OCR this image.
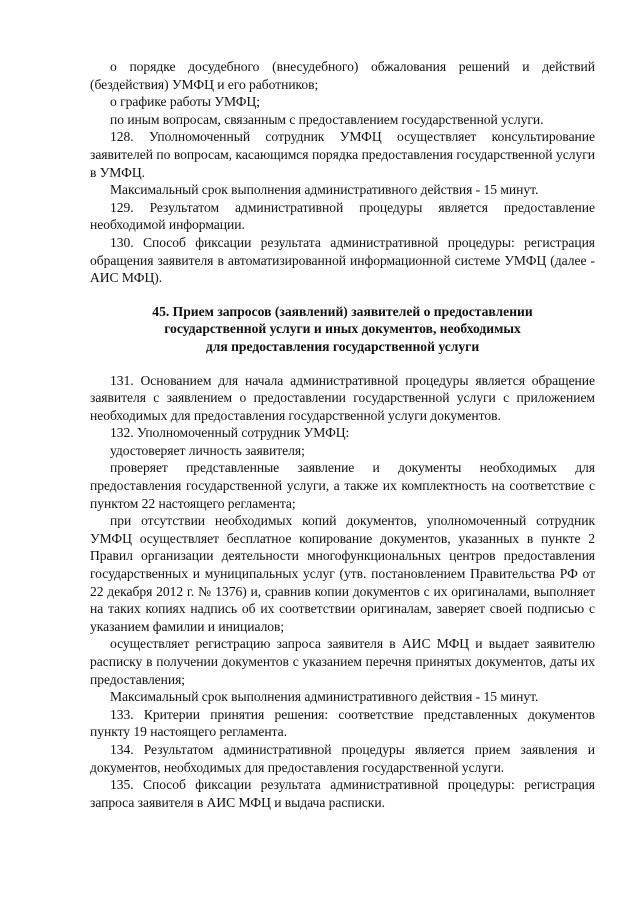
о порядке досудебного (внесудебного) обжалования решений и действий (бездействия) УМФЦ и его работников;

о графике работы УМФЦ;

по иным вопросам, связанным с предоставлением государственной услуги.

128. Уполномоченный сотрудник УМФЦ осуществляет консультирование заявителей по вопросам, касающимся порядка предоставления государственной услуги в УМФЦ.

Максимальный срок выполнения административного действия - 15 минут.

129. Результатом административной процедуры является предоставление необходимой информации.

130. Способ фиксации результата административной процедуры: регистрация обращения заявителя в автоматизированной информационной системе УМФЦ (далее - АИС МФЦ).

45. Прием запросов (заявлений) заявителей о предоставлении
государственной услуги и иных документов, необходимых
для предоставления государственной услуги

131. Основанием для начала административной процедуры является обращение заявителя с заявлением о предоставлении государственной услуги с приложением необходимых для предоставления государственной услуги документов.

132. Уполномоченный сотрудник УМФЦ:

удостоверяет личность заявителя;

проверяет представленные заявление и документы необходимых для предоставления государственной услуги, а также их комплектность на соответствие с пунктом 22 настоящего регламента;

при отсутствии необходимых копий документов, уполномоченный сотрудник УМФЦ осуществляет бесплатное копирование документов, указанных в пункте 2 Правил организации деятельности многофункциональных центров предоставления государственных и муниципальных услуг (утв. постановлением Правительства РФ от 22 декабря 2012 г. № 1376) и, сравнив копии документов с их оригиналами, выполняет на таких копиях надпись об их соответствии оригиналам, заверяет своей подписью с указанием фамилии и инициалов;

осуществляет регистрацию запроса заявителя в АИС МФЦ и выдает заявителю расписку в получении документов с указанием перечня принятых документов, даты их предоставления;

Максимальный срок выполнения административного действия - 15 минут.

133. Критерии принятия решения: соответствие представленных документов пункту 19 настоящего регламента.

134. Результатом административной процедуры является прием заявления и документов, необходимых для предоставления государственной услуги.

135. Способ фиксации результата административной процедуры: регистрация запроса заявителя в АИС МФЦ и выдача расписки.
